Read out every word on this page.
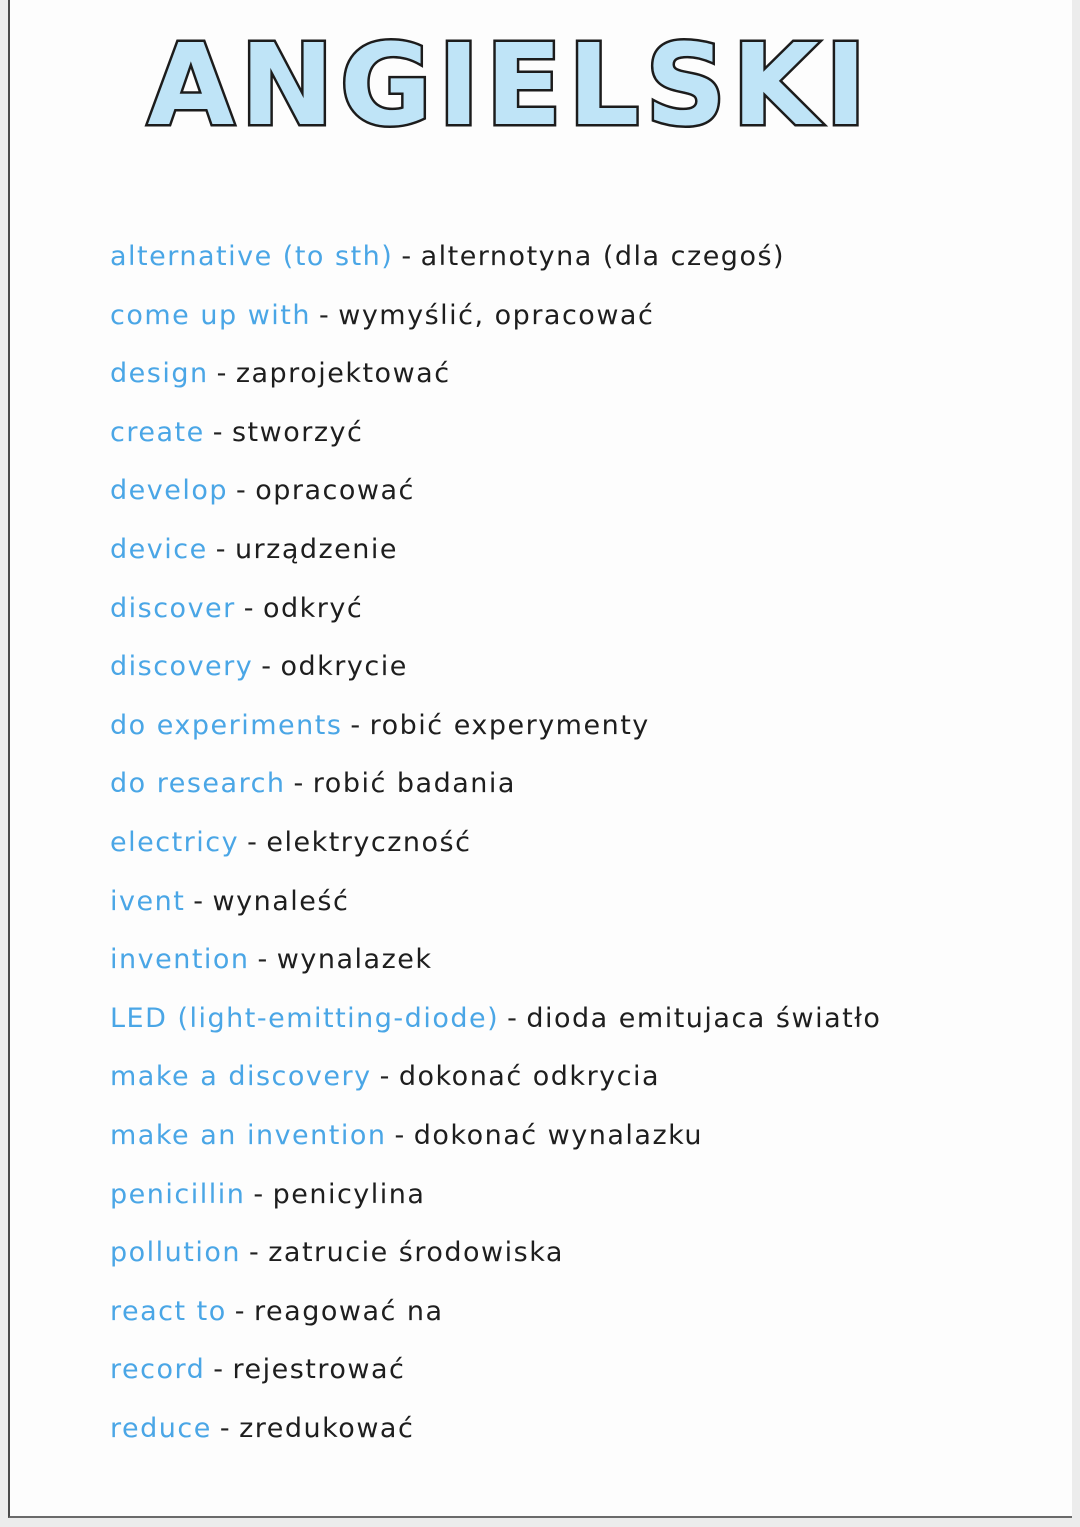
ANGIELSKI
alternative (to sth) - alternotyna (dla czegoś)
come up with - wymyślić, opracować
design - zaprojektować
create - stworzyć
develop - opracować
device - urządzenie
discover - odkryć
discovery - odkrycie
do experiments - robić experymenty
do research - robić badania
electricy - elektryczność
ivent - wynaleść
invention - wynalazek
LED (light-emitting-diode) - dioda emitujaca światło
make a discovery - dokonać odkrycia
make an invention - dokonać wynalazku
penicillin - penicylina
pollution - zatrucie środowiska
react to - reagować na
record - rejestrować
reduce - zredukować
